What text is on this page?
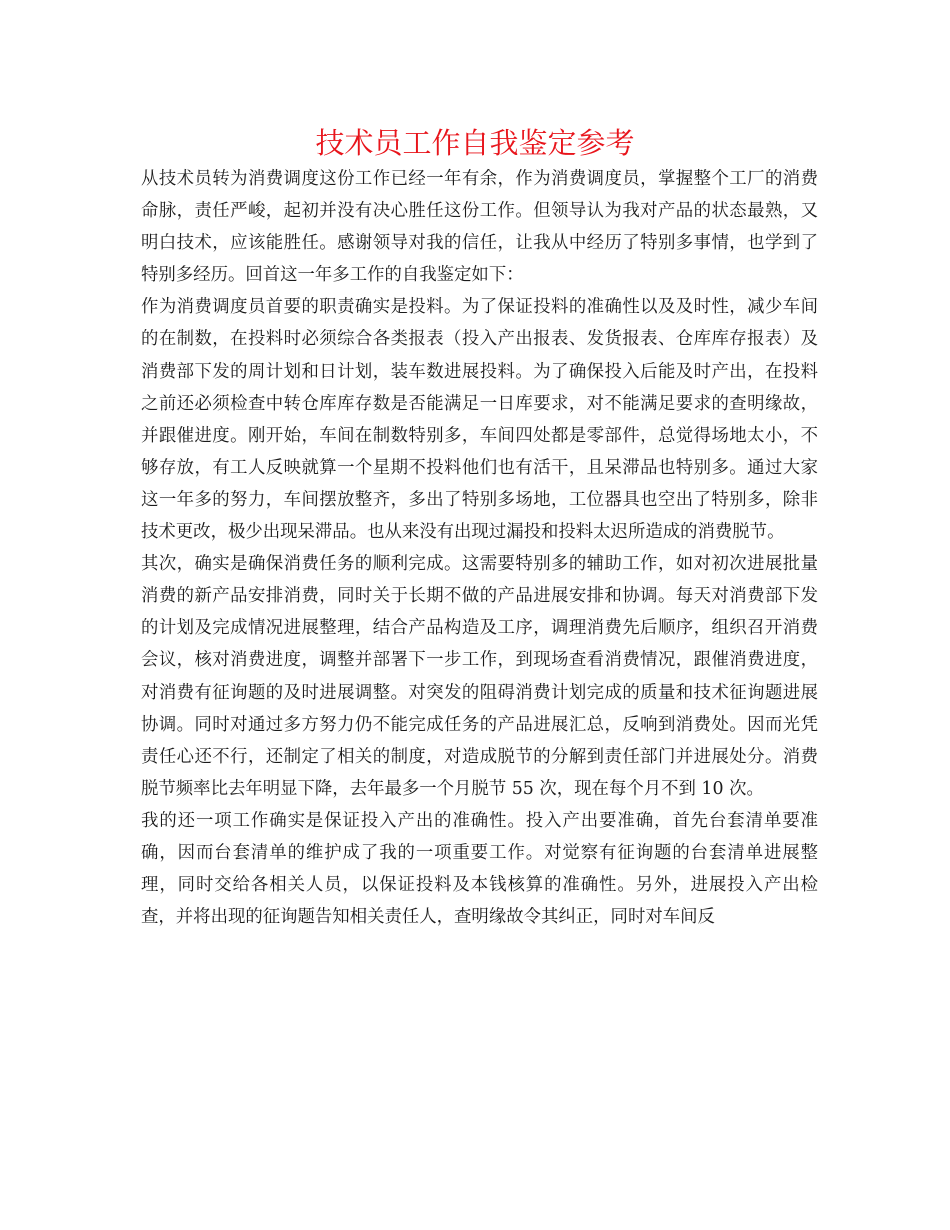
技术员工作自我鉴定参考

从技术员转为消费调度这份工作已经一年有余，作为消费调度员，掌握整个工厂的消费命脉，责任严峻，起初并没有决心胜任这份工作。但领导认为我对产品的状态最熟，又明白技术，应该能胜任。感谢领导对我的信任，让我从中经历了特别多事情，也学到了特别多经历。回首这一年多工作的自我鉴定如下：

作为消费调度员首要的职责确实是投料。为了保证投料的准确性以及及时性，减少车间的在制数，在投料时必须综合各类报表（投入产出报表、发货报表、仓库库存报表）及消费部下发的周计划和日计划，装车数进展投料。为了确保投入后能及时产出，在投料之前还必须检查中转仓库库存数是否能满足一日库要求，对不能满足要求的查明缘故，并跟催进度。刚开始，车间在制数特别多，车间四处都是零部件，总觉得场地太小，不够存放，有工人反映就算一个星期不投料他们也有活干，且呆滞品也特别多。通过大家这一年多的努力，车间摆放整齐，多出了特别多场地，工位器具也空出了特别多，除非技术更改，极少出现呆滞品。也从来没有出现过漏投和投料太迟所造成的消费脱节。

其次，确实是确保消费任务的顺利完成。这需要特别多的辅助工作，如对初次进展批量消费的新产品安排消费，同时关于长期不做的产品进展安排和协调。每天对消费部下发的计划及完成情况进展整理，结合产品构造及工序，调理消费先后顺序，组织召开消费会议，核对消费进度，调整并部署下一步工作，到现场查看消费情况，跟催消费进度，对消费有征询题的及时进展调整。对突发的阻碍消费计划完成的质量和技术征询题进展协调。同时对通过多方努力仍不能完成任务的产品进展汇总，反响到消费处。因而光凭责任心还不行，还制定了相关的制度，对造成脱节的分解到责任部门并进展处分。消费脱节频率比去年明显下降，去年最多一个月脱节 55 次，现在每个月不到 10 次。

我的还一项工作确实是保证投入产出的准确性。投入产出要准确，首先台套清单要准确，因而台套清单的维护成了我的一项重要工作。对觉察有征询题的台套清单进展整理，同时交给各相关人员，以保证投料及本钱核算的准确性。另外，进展投入产出检查，并将出现的征询题告知相关责任人，查明缘故令其纠正，同时对车间反
